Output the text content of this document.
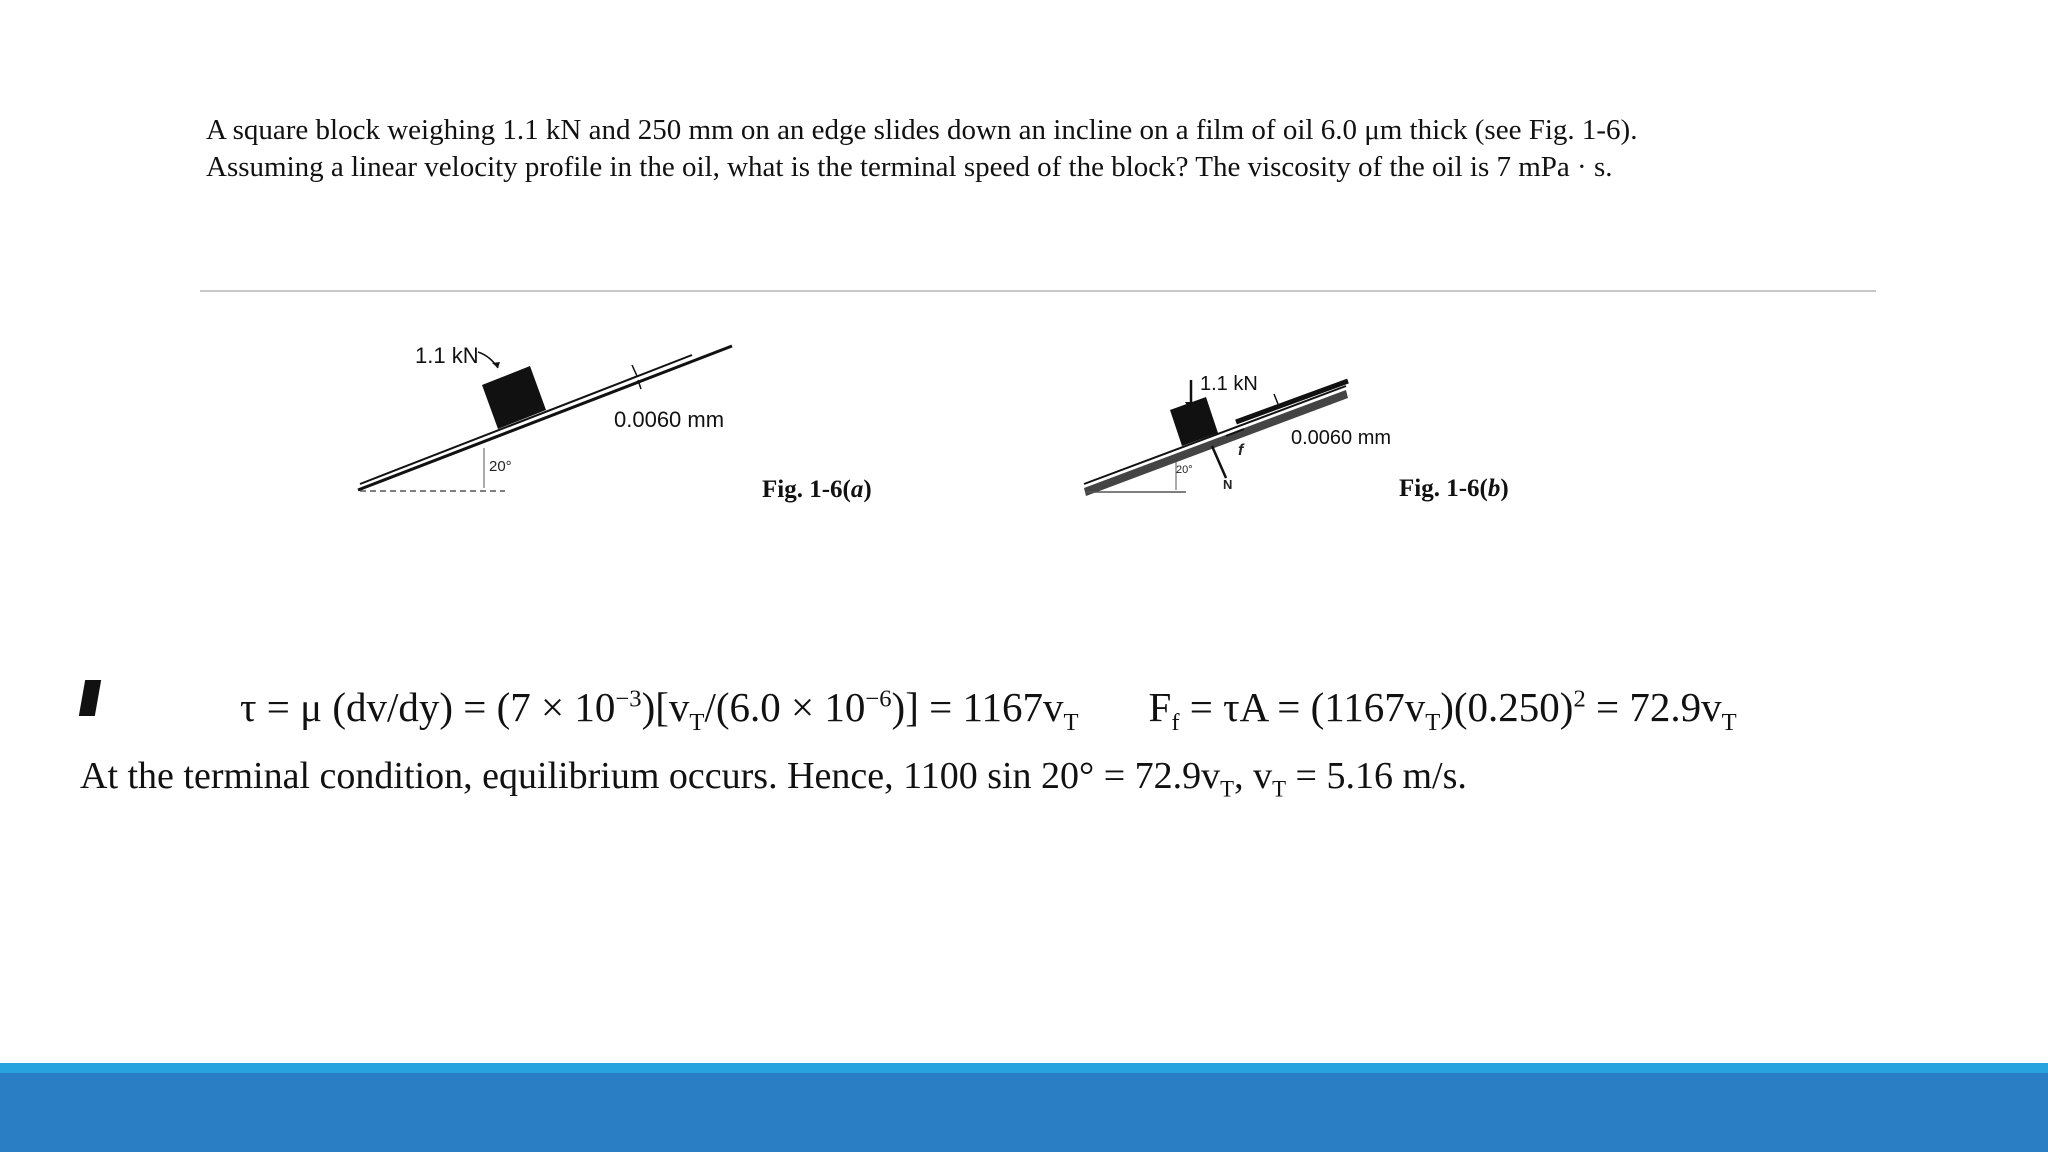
A square block weighing 1.1 kN and 250 mm on an edge slides down an incline on a film of oil 6.0 μm thick (see Fig. 1-6). Assuming a linear velocity profile in the oil, what is the terminal speed of the block? The viscosity of the oil is 7 mPa · s.

1.1 kN
0.0060 mm
20°
Fig. 1-6(a)
20°
1.1 kN
N
f
0.0060 mm
Fig. 1-6(b)
τ = μ $(dv/dy) = (7 \times 10^{-3})[v_T/(6.0 \times 10^{-6})] = 1167v_T$ $F_f = \tau A = (1167v_T)(0.250)^2 = 72.9v_T$
At the terminal condition, equilibrium occurs. Hence, 1100 $\sin 20^\circ = 72.9v_T$, $v_T = 5.16$ m/s.
